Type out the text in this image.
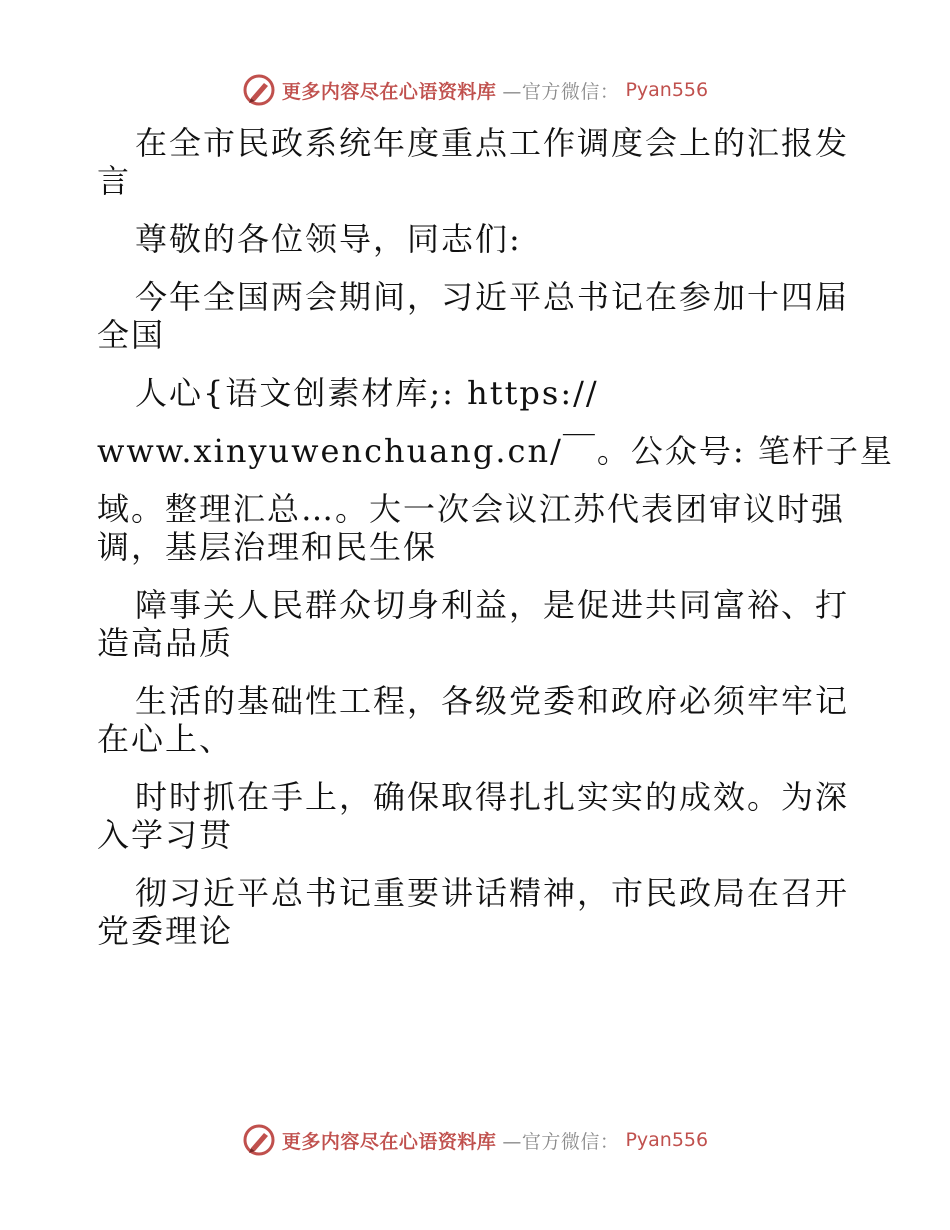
更多内容尽在心语资料库 —官方微信： Pyan556
在全市民政系统年度重点工作调度会上的汇报发
言
尊敬的各位领导，同志们:
今年全国两会期间，习近平总书记在参加十四届
全国
人心{语文创素材库;: https://
www.xinyuwenchuang.cn/￣。公众号: 笔杆子星
域。整理汇总…。大一次会议江苏代表团审议时强
调，基层治理和民生保
障事关人民群众切身利益，是促进共同富裕、打
造高品质
生活的基础性工程，各级党委和政府必须牢牢记
在心上、
时时抓在手上，确保取得扎扎实实的成效。为深
入学习贯
彻习近平总书记重要讲话精神，市民政局在召开
党委理论
更多内容尽在心语资料库 —官方微信： Pyan556
